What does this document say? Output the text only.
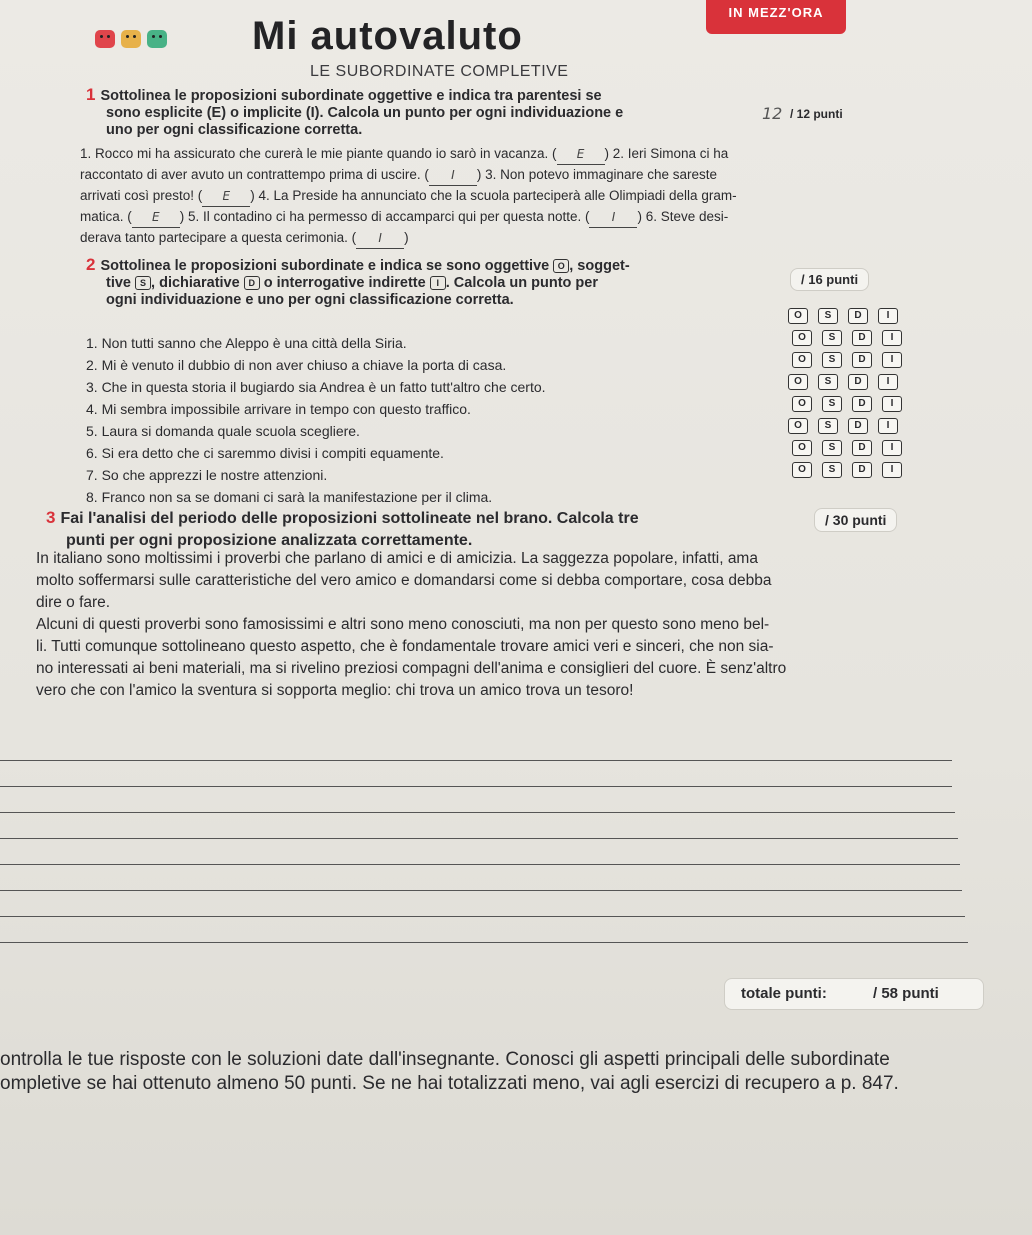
IN MEZZ'ORA
Mi autovaluto
LE SUBORDINATE COMPLETIVE
1 Sottolinea le proposizioni subordinate oggettive e indica tra parentesi se
sono esplicite (E) o implicite (I). Calcola un punto per ogni individuazione e
uno per ogni classificazione corretta.
12 / 12 punti
1. Rocco mi ha assicurato che curerà le mie piante quando io sarò in vacanza. ( E ) 2. Ieri Simona ci ha
raccontato di aver avuto un contrattempo prima di uscire. ( I ) 3. Non potevo immaginare che sareste
arrivati così presto! ( E ) 4. La Preside ha annunciato che la scuola parteciperà alle Olimpiadi della gram-
matica. ( E ) 5. Il contadino ci ha permesso di accamparci qui per questa notte. ( I ) 6. Steve desi-
derava tanto partecipare a questa cerimonia. ( I )
2 Sottolinea le proposizioni subordinate e indica se sono oggettive O , sogget-
tive S , dichiarative D o interrogative indirette I . Calcola un punto per
ogni individuazione e uno per ogni classificazione corretta.
/ 16 punti
1. Non tutti sanno che Aleppo è una città della Siria.
O	S	D	I
2. Mi è venuto il dubbio di non aver chiuso a chiave la porta di casa.
O	S	D	I
3. Che in questa storia il bugiardo sia Andrea è un fatto tutt'altro che certo.
O	S	D	I
4. Mi sembra impossibile arrivare in tempo con questo traffico.
O	S	D	I
5. Laura si domanda quale scuola scegliere.
O	S	D	I
6. Si era detto che ci saremmo divisi i compiti equamente.
O	S	D	I
7. So che apprezzi le nostre attenzioni.
O	S	D	I
8. Franco non sa se domani ci sarà la manifestazione per il clima.
O	S	D	I
3 Fai l'analisi del periodo delle proposizioni sottolineate nel brano. Calcola tre
punti per ogni proposizione analizzata correttamente.
/ 30 punti
In italiano sono moltissimi i proverbi che parlano di amici e di amicizia. La saggezza popolare, infatti, ama
molto soffermarsi sulle caratteristiche del vero amico e domandarsi come si debba comportare, cosa debba
dire o fare.
Alcuni di questi proverbi sono famosissimi e altri sono meno conosciuti, ma non per questo sono meno bel-
li. Tutti comunque sottolineano questo aspetto, che è fondamentale trovare amici veri e sinceri, che non sia-
no interessati ai beni materiali, ma si rivelino preziosi compagni dell'anima e consiglieri del cuore. È senz'altro
vero che con l'amico la sventura si sopporta meglio: chi trova un amico trova un tesoro!
totale punti:	/ 58 punti
ontrolla le tue risposte con le soluzioni date dall'insegnante. Conosci gli aspetti principali delle subordinate
ompletive se hai ottenuto almeno 50 punti. Se ne hai totalizzati meno, vai agli esercizi di recupero a p. 847.
